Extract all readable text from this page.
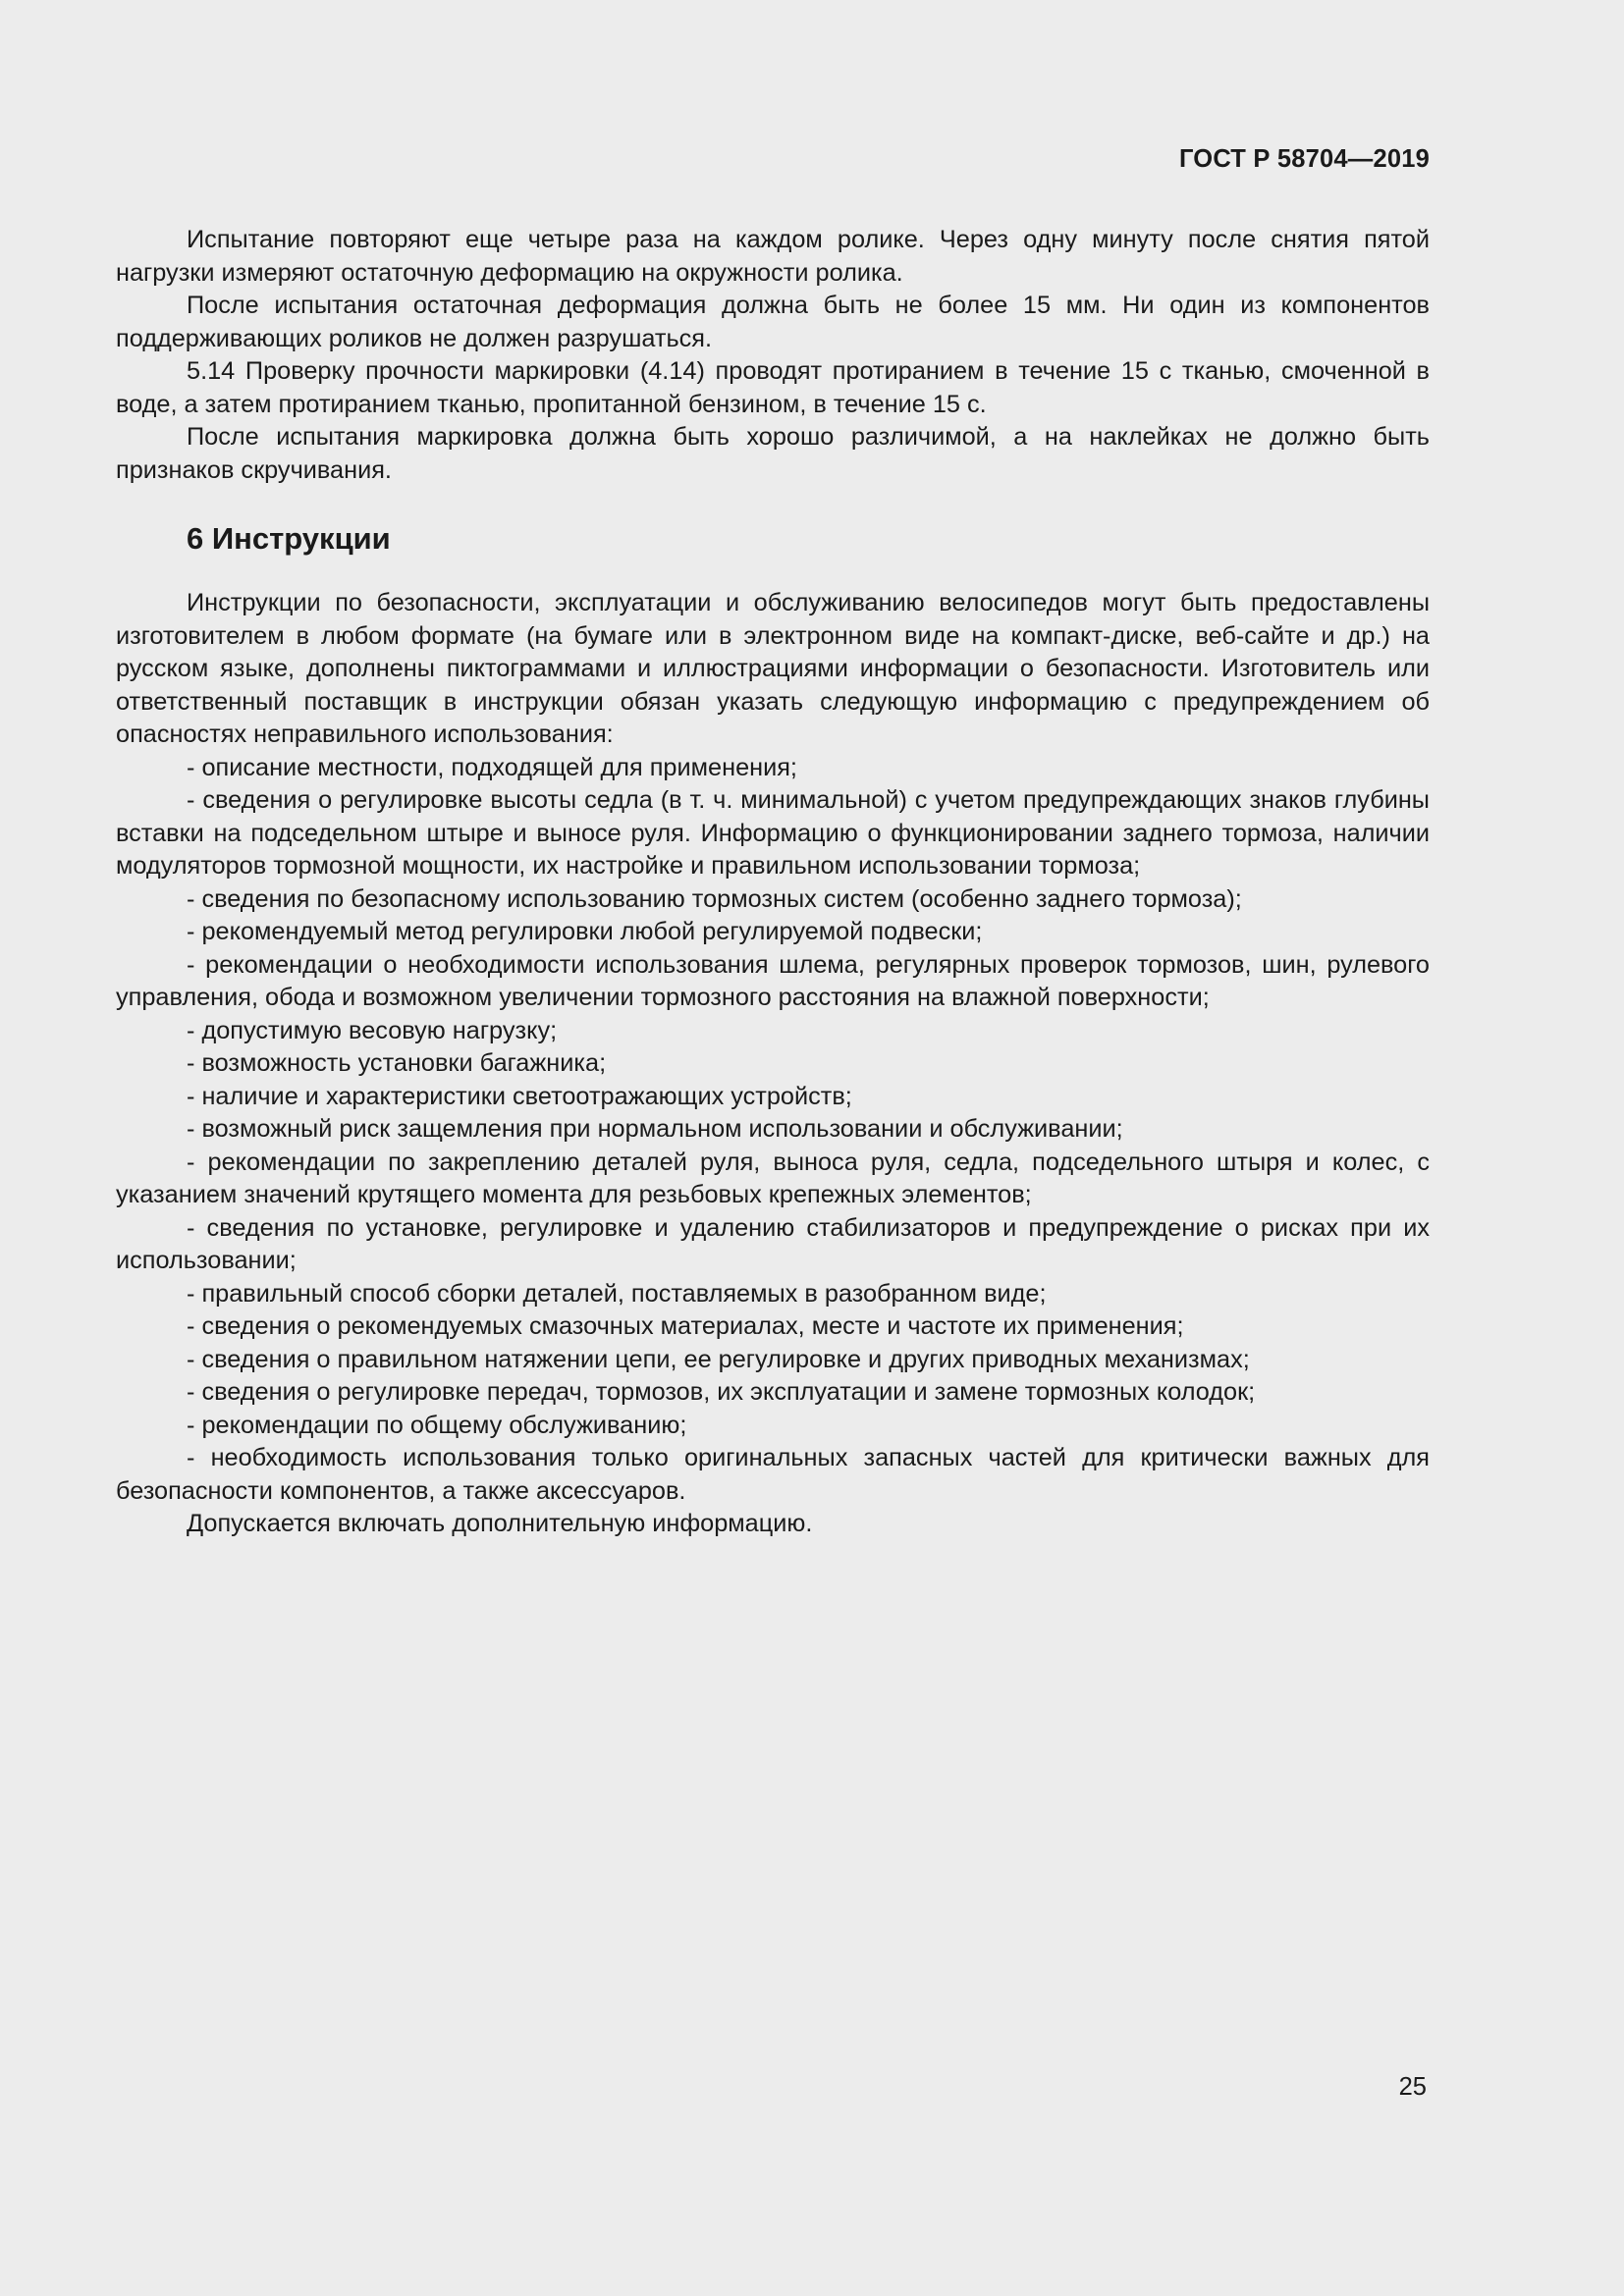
ГОСТ Р 58704—2019

Испытание повторяют еще четыре раза на каждом ролике. Через одну минуту после снятия пятой нагрузки измеряют остаточную деформацию на окружности ролика.

После испытания остаточная деформация должна быть не более 15 мм. Ни один из компонентов поддерживающих роликов не должен разрушаться.

5.14 Проверку прочности маркировки (4.14) проводят протиранием в течение 15 с тканью, смоченной в воде, а затем протиранием тканью, пропитанной бензином, в течение 15 с.

После испытания маркировка должна быть хорошо различимой, а на наклейках не должно быть признаков скручивания.

6 Инструкции

Инструкции по безопасности, эксплуатации и обслуживанию велосипедов могут быть предоставлены изготовителем в любом формате (на бумаге или в электронном виде на компакт-диске, веб-сайте и др.) на русском языке, дополнены пиктограммами и иллюстрациями информации о безопасности. Изготовитель или ответственный поставщик в инструкции обязан указать следующую информацию с предупреждением об опасностях неправильного использования:

- описание местности, подходящей для применения;

- сведения о регулировке высоты седла (в т. ч. минимальной) с учетом предупреждающих знаков глубины вставки на подседельном штыре и выносе руля. Информацию о функционировании заднего тормоза, наличии модуляторов тормозной мощности, их настройке и правильном использовании тормоза;

- сведения по безопасному использованию тормозных систем (особенно заднего тормоза);

- рекомендуемый метод регулировки любой регулируемой подвески;

- рекомендации о необходимости использования шлема, регулярных проверок тормозов, шин, рулевого управления, обода и возможном увеличении тормозного расстояния на влажной поверхности;

- допустимую весовую нагрузку;

- возможность установки багажника;

- наличие и характеристики светоотражающих устройств;

- возможный риск защемления при нормальном использовании и обслуживании;

- рекомендации по закреплению деталей руля, выноса руля, седла, подседельного штыря и колес, с указанием значений крутящего момента для резьбовых крепежных элементов;

- сведения по установке, регулировке и удалению стабилизаторов и предупреждение о рисках при их использовании;

- правильный способ сборки деталей, поставляемых в разобранном виде;

- сведения о рекомендуемых смазочных материалах, месте и частоте их применения;

- сведения о правильном натяжении цепи, ее регулировке и других приводных механизмах;

- сведения о регулировке передач, тормозов, их эксплуатации и замене тормозных колодок;

- рекомендации по общему обслуживанию;

- необходимость использования только оригинальных запасных частей для критически важных для безопасности компонентов, а также аксессуаров.

Допускается включать дополнительную информацию.

25
